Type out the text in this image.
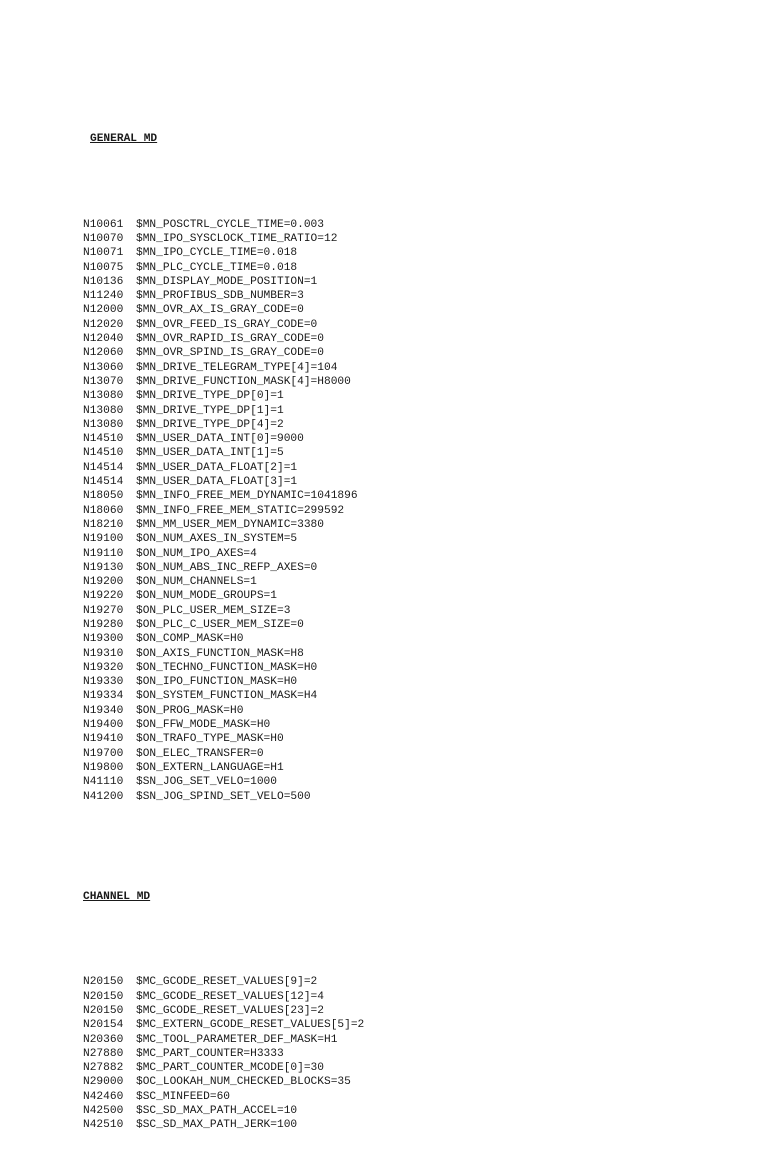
GENERAL MD

N10061	$MN_POSCTRL_CYCLE_TIME=0.003
N10070	$MN_IPO_SYSCLOCK_TIME_RATIO=12
N10071	$MN_IPO_CYCLE_TIME=0.018
N10075	$MN_PLC_CYCLE_TIME=0.018
N10136	$MN_DISPLAY_MODE_POSITION=1
N11240	$MN_PROFIBUS_SDB_NUMBER=3
N12000	$MN_OVR_AX_IS_GRAY_CODE=0
N12020	$MN_OVR_FEED_IS_GRAY_CODE=0
N12040	$MN_OVR_RAPID_IS_GRAY_CODE=0
N12060	$MN_OVR_SPIND_IS_GRAY_CODE=0
N13060	$MN_DRIVE_TELEGRAM_TYPE[4]=104
N13070	$MN_DRIVE_FUNCTION_MASK[4]=H8000
N13080	$MN_DRIVE_TYPE_DP[0]=1
N13080	$MN_DRIVE_TYPE_DP[1]=1
N13080	$MN_DRIVE_TYPE_DP[4]=2
N14510	$MN_USER_DATA_INT[0]=9000
N14510	$MN_USER_DATA_INT[1]=5
N14514	$MN_USER_DATA_FLOAT[2]=1
N14514	$MN_USER_DATA_FLOAT[3]=1
N18050	$MN_INFO_FREE_MEM_DYNAMIC=1041896
N18060	$MN_INFO_FREE_MEM_STATIC=299592
N18210	$MN_MM_USER_MEM_DYNAMIC=3380
N19100	$ON_NUM_AXES_IN_SYSTEM=5
N19110	$ON_NUM_IPO_AXES=4
N19130	$ON_NUM_ABS_INC_REFP_AXES=0
N19200	$ON_NUM_CHANNELS=1
N19220	$ON_NUM_MODE_GROUPS=1
N19270	$ON_PLC_USER_MEM_SIZE=3
N19280	$ON_PLC_C_USER_MEM_SIZE=0
N19300	$ON_COMP_MASK=H0
N19310	$ON_AXIS_FUNCTION_MASK=H8
N19320	$ON_TECHNO_FUNCTION_MASK=H0
N19330	$ON_IPO_FUNCTION_MASK=H0
N19334	$ON_SYSTEM_FUNCTION_MASK=H4
N19340	$ON_PROG_MASK=H0
N19400	$ON_FFW_MODE_MASK=H0
N19410	$ON_TRAFO_TYPE_MASK=H0
N19700	$ON_ELEC_TRANSFER=0
N19800	$ON_EXTERN_LANGUAGE=H1
N41110	$SN_JOG_SET_VELO=1000
N41200	$SN_JOG_SPIND_SET_VELO=500

CHANNEL MD

N20150	$MC_GCODE_RESET_VALUES[9]=2
N20150	$MC_GCODE_RESET_VALUES[12]=4
N20150	$MC_GCODE_RESET_VALUES[23]=2
N20154	$MC_EXTERN_GCODE_RESET_VALUES[5]=2
N20360	$MC_TOOL_PARAMETER_DEF_MASK=H1
N27880	$MC_PART_COUNTER=H3333
N27882	$MC_PART_COUNTER_MCODE[0]=30
N29000	$OC_LOOKAH_NUM_CHECKED_BLOCKS=35
N42460	$SC_MINFEED=60
N42500	$SC_SD_MAX_PATH_ACCEL=10
N42510	$SC_SD_MAX_PATH_JERK=100
